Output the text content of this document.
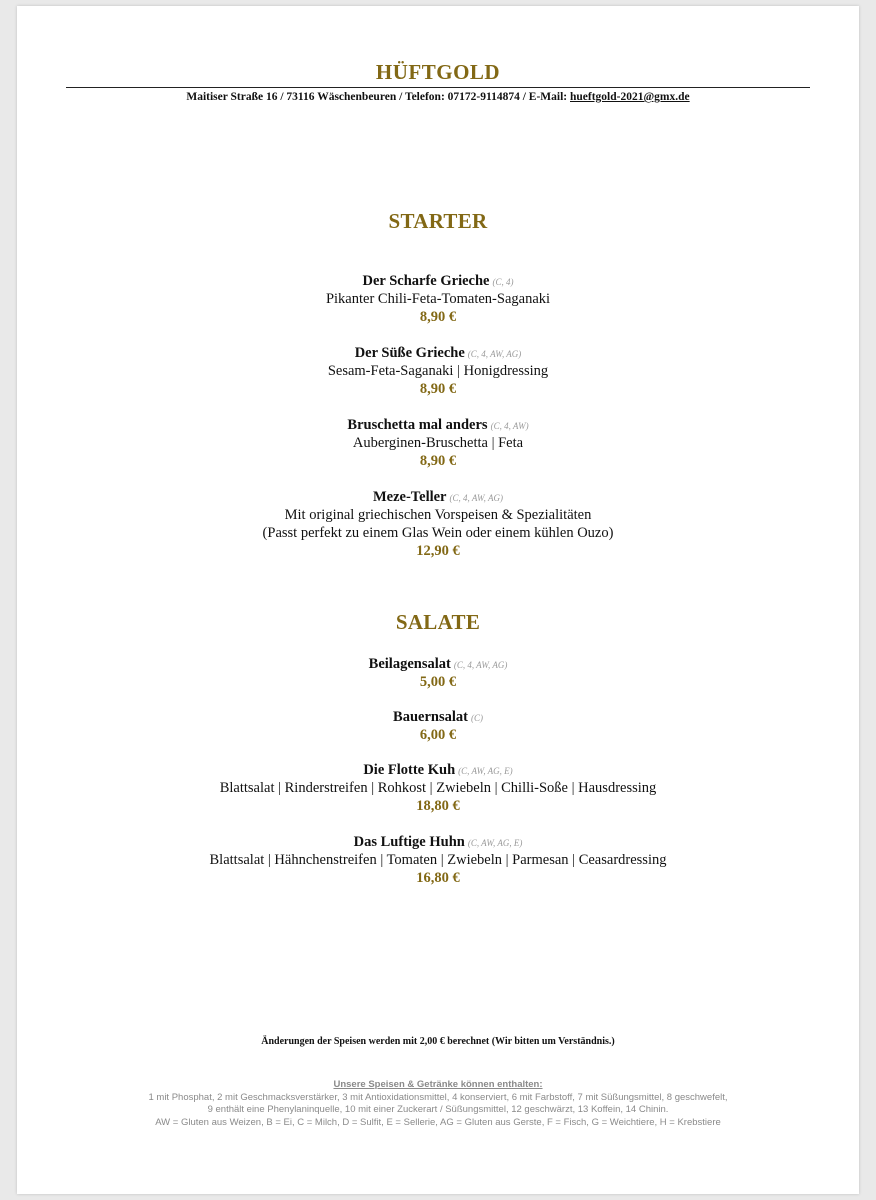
HÜFTGOLD
Maitiser Straße 16 / 73116 Wäschenbeuren / Telefon: 07172-9114874 / E-Mail: hueftgold-2021@gmx.de
STARTER
Der Scharfe Grieche (C, 4)
Pikanter Chili-Feta-Tomaten-Saganaki
8,90 €
Der Süße Grieche (C, 4, AW, AG)
Sesam-Feta-Saganaki | Honigdressing
8,90 €
Bruschetta mal anders (C, 4, AW)
Auberginen-Bruschetta | Feta
8,90 €
Meze-Teller (C, 4, AW, AG)
Mit original griechischen Vorspeisen & Spezialitäten
(Passt perfekt zu einem Glas Wein oder einem kühlen Ouzo)
12,90 €
SALATE
Beilagensalat (C, 4, AW, AG)
5,00 €
Bauernsalat (C)
6,00 €
Die Flotte Kuh (C, AW, AG, E)
Blattsalat | Rinderstreifen | Rohkost | Zwiebeln | Chilli-Soße | Hausdressing
18,80 €
Das Luftige Huhn (C, AW, AG, E)
Blattsalat | Hähnchenstreifen | Tomaten | Zwiebeln | Parmesan | Ceasardressing
16,80 €
Änderungen der Speisen werden mit 2,00 € berechnet (Wir bitten um Verständnis.)
Unsere Speisen & Getränke können enthalten:
1 mit Phosphat, 2 mit Geschmacksverstärker, 3 mit Antioxidationsmittel, 4 konserviert, 6 mit Farbstoff, 7 mit Süßungsmittel, 8 geschwefelt,
9 enthält eine Phenylaninquelle, 10 mit einer Zuckerart / Süßungsmittel, 12 geschwärzt, 13 Koffein, 14 Chinin.
AW = Gluten aus Weizen, B = Ei, C = Milch, D = Sulfit, E = Sellerie, AG = Gluten aus Gerste, F = Fisch, G = Weichtiere, H = Krebstiere
